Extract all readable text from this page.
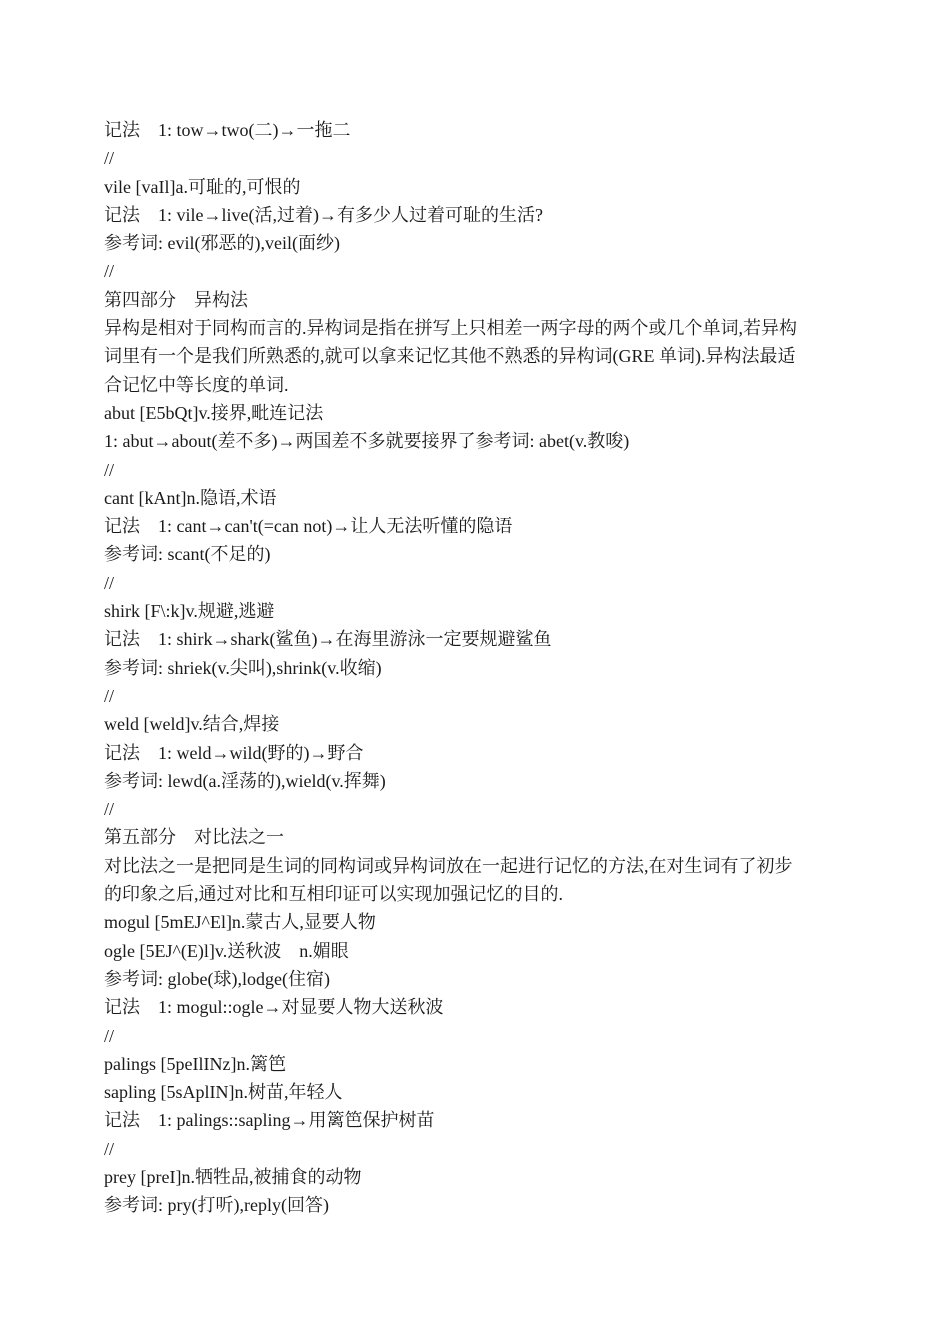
记法　1: tow→two(二)→一拖二
//
vile [vaIl]a.可耻的,可恨的
记法　1: vile→live(活,过着)→有多少人过着可耻的生活?
参考词: evil(邪恶的),veil(面纱)
//
第四部分　异构法
异构是相对于同构而言的.异构词是指在拼写上只相差一两字母的两个或几个单词,若异构
词里有一个是我们所熟悉的,就可以拿来记忆其他不熟悉的异构词(GRE 单词).异构法最适
合记忆中等长度的单词.
abut [E5bQt]v.接界,毗连记法
1: abut→about(差不多)→两国差不多就要接界了参考词: abet(v.教唆)
//
cant [kAnt]n.隐语,术语
记法　1: cant→can't(=can not)→让人无法听懂的隐语
参考词: scant(不足的)
//
shirk [F\:k]v.规避,逃避
记法　1: shirk→shark(鲨鱼)→在海里游泳一定要规避鲨鱼
参考词: shriek(v.尖叫),shrink(v.收缩)
//
weld [weld]v.结合,焊接
记法　1: weld→wild(野的)→野合
参考词: lewd(a.淫荡的),wield(v.挥舞)
//
第五部分　对比法之一
对比法之一是把同是生词的同构词或异构词放在一起进行记忆的方法,在对生词有了初步
的印象之后,通过对比和互相印证可以实现加强记忆的目的.
mogul [5mEJ^El]n.蒙古人,显要人物
ogle [5EJ^(E)l]v.送秋波　n.媚眼
参考词: globe(球),lodge(住宿)
记法　1: mogul::ogle→对显要人物大送秋波
//
palings [5peIlINz]n.篱笆
sapling [5sAplIN]n.树苗,年轻人
记法　1: palings::sapling→用篱笆保护树苗
//
prey [preI]n.牺牲品,被捕食的动物
参考词: pry(打听),reply(回答)
